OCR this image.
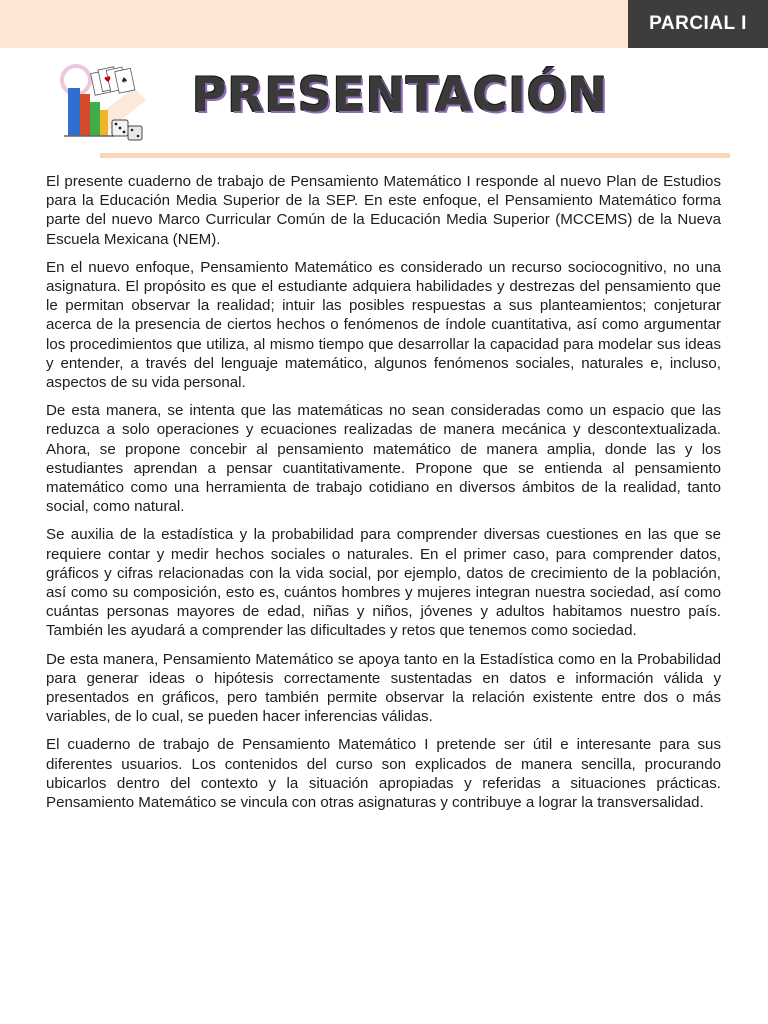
PARCIAL I
♥ ♠ PRESENTACIÓN

El presente cuaderno de trabajo de Pensamiento Matemático I responde al nuevo Plan de Estudios para la Educación Media Superior de la SEP. En este enfoque, el Pensamiento Matemático forma parte del nuevo Marco Curricular Común de la Educación Media Superior (MCCEMS) de la Nueva Escuela Mexicana (NEM).

En el nuevo enfoque, Pensamiento Matemático es considerado un recurso sociocognitivo, no una asignatura. El propósito es que el estudiante adquiera habilidades y destrezas del pensamiento que le permitan observar la realidad; intuir las posibles respuestas a sus planteamientos; conjeturar acerca de la presencia de ciertos hechos o fenómenos de índole cuantitativa, así como argumentar los procedimientos que utiliza, al mismo tiempo que desarrollar la capacidad para modelar sus ideas y entender, a través del lenguaje matemático, algunos fenómenos sociales, naturales e, incluso, aspectos de su vida personal.

De esta manera, se intenta que las matemáticas no sean consideradas como un espacio que las reduzca a solo operaciones y ecuaciones realizadas de manera mecánica y descontextualizada. Ahora, se propone concebir al pensamiento matemático de manera amplia, donde las y los estudiantes aprendan a pensar cuantitativamente. Propone que se entienda al pensamiento matemático como una herramienta de trabajo cotidiano en diversos ámbitos de la realidad, tanto social, como natural.

Se auxilia de la estadística y la probabilidad para comprender diversas cuestiones en las que se requiere contar y medir hechos sociales o naturales. En el primer caso, para comprender datos, gráficos y cifras relacionadas con la vida social, por ejemplo, datos de crecimiento de la población, así como su composición, esto es, cuántos hombres y mujeres integran nuestra sociedad, así como cuántas personas mayores de edad, niñas y niños, jóvenes y adultos habitamos nuestro país. También les ayudará a comprender las dificultades y retos que tenemos como sociedad.

De esta manera, Pensamiento Matemático se apoya tanto en la Estadística como en la Probabilidad para generar ideas o hipótesis correctamente sustentadas en datos e información válida y presentados en gráficos, pero también permite observar la relación existente entre dos o más variables, de lo cual, se pueden hacer inferencias válidas.

El cuaderno de trabajo de Pensamiento Matemático I pretende ser útil e interesante para sus diferentes usuarios. Los contenidos del curso son explicados de manera sencilla, procurando ubicarlos dentro del contexto y la situación apropiadas y referidas a situaciones prácticas. Pensamiento Matemático se vincula con otras asignaturas y contribuye a lograr la transversalidad.
